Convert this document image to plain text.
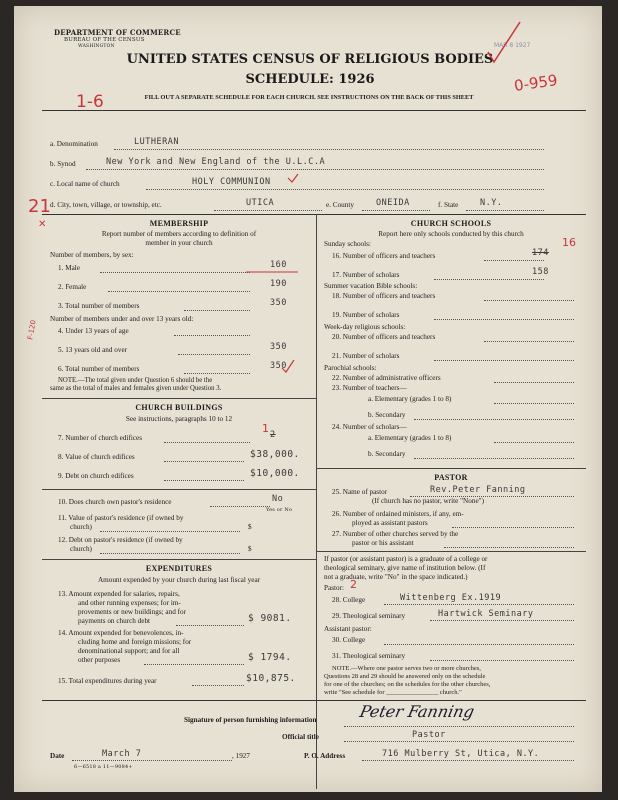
DEPARTMENT OF COMMERCE
BUREAU OF THE CENSUS
WASHINGTON
UNITED STATES CENSUS OF RELIGIOUS BODIES
SCHEDULE: 1926
FILL OUT A SEPARATE SCHEDULE FOR EACH CHURCH. SEE INSTRUCTIONS ON THE BACK OF THIS SHEET
MAR 8 1927
1-6
0-959
21
✕
F-120
a. Denomination	LUTHERAN
b. Synod	New York and New England of the U.L.C.A
c. Local name of church	HOLY COMMUNION
d. City, town, village, or township, etc.	UTICA	e. County	ONEIDA	f. State	N.Y.
MEMBERSHIP
Report number of members according to definition of
member in your church
Number of members, by sex:
1. Male	160
2. Female	190
3. Total number of members	350
Number of members under and over 13 years old:
4. Under 13 years of age
5. 13 years old and over	350
6. Total number of members	350
NOTE.—The total given under Question 6 should be the
same as the total of males and females given under Question 3.
CHURCH BUILDINGS
See instructions, paragraphs 10 to 12
7. Number of church edifices	2
1
8. Value of church edifices	$38,000.
9. Debt on church edifices	$10,000.
10. Does church own pastor's residence	No
Yes or No
11. Value of pastor's residence (if owned by
church)	$
12. Debt on pastor's residence (if owned by
church)	$
EXPENDITURES
Amount expended by your church during last fiscal year
13. Amount expended for salaries, repairs,
and other running expenses; for im-
provements or new buildings; and for
payments on church debt	$ 9081.
14. Amount expended for benevolences, in-
cluding home and foreign missions; for
denominational support; and for all
other purposes	$ 1794.
15. Total expenditures during year	$10,875.
CHURCH SCHOOLS
Report here only schools conducted by this church
Sunday schools:
16. Number of officers and teachers	174
16
17. Number of scholars	158
Summer vacation Bible schools:
18. Number of officers and teachers
19. Number of scholars
Week-day religious schools:
20. Number of officers and teachers
21. Number of scholars
Parochial schools:
22. Number of administrative officers
23. Number of teachers—
a. Elementary (grades 1 to 8)
b. Secondary
24. Number of scholars—
a. Elementary (grades 1 to 8)
b. Secondary
PASTOR
25. Name of pastor	Rev.Peter Fanning
(If church has no pastor, write "None")
26. Number of ordained ministers, if any, em-
ployed as assistant pastors
27. Number of other churches served by the
pastor or his assistant
If pastor (or assistant pastor) is a graduate of a college or
theological seminary, give name of institution below. (If
not a graduate, write "No" in the space indicated.)
Pastor: 2
28. College	Wittenberg Ex.1919
29. Theological seminary	Hartwick Seminary
Assistant pastor:
30. College
31. Theological seminary
NOTE.—Where one pastor serves two or more churches,
Questions 28 and 29 should be answered only on the schedule
for one of the churches; on the schedules for the other churches,
write "See schedule for ________________ church."
Signature of person furnishing information	Peter Fanning
Official title	Pastor
Date	March 7	, 1927	P. O. Address	716 Mulberry St, Utica, N.Y.
6—6518 a 11—9084+
